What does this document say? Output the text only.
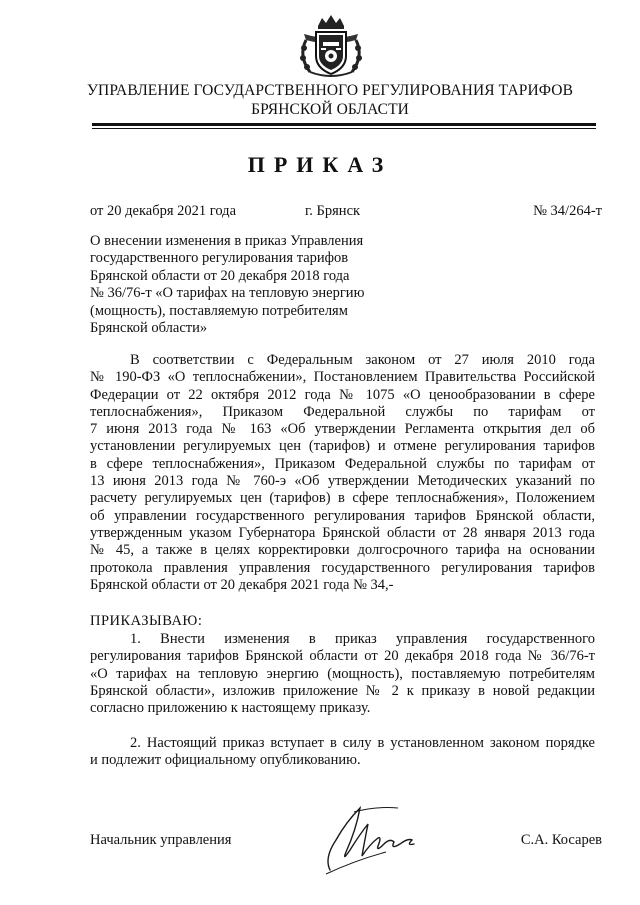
УПРАВЛЕНИЕ ГОСУДАРСТВЕННОГО РЕГУЛИРОВАНИЯ ТАРИФОВ
БРЯНСКОЙ ОБЛАСТИ
ПРИКАЗ
от 20 декабря 2021 года	г. Брянск	№ 34/264-т
О внесении изменения в приказ Управления
государственного регулирования тарифов
Брянской области от 20 декабря 2018 года
№ 36/76-т «О тарифах на тепловую энергию
(мощность), поставляемую потребителям
Брянской области»
В соответствии с Федеральным законом от 27 июля 2010 года
№ 190-ФЗ «О теплоснабжении», Постановлением Правительства Российской
Федерации от 22 октября 2012 года № 1075 «О ценообразовании в сфере
теплоснабжения», Приказом Федеральной службы по тарифам от
7 июня 2013 года № 163 «Об утверждении Регламента открытия дел об
установлении регулируемых цен (тарифов) и отмене регулирования тарифов
в сфере теплоснабжения», Приказом Федеральной службы по тарифам от
13 июня 2013 года № 760-э «Об утверждении Методических указаний по
расчету регулируемых цен (тарифов) в сфере теплоснабжения», Положением
об управлении государственного регулирования тарифов Брянской области,
утвержденным указом Губернатора Брянской области от 28 января 2013 года
№ 45, а также в целях корректировки долгосрочного тарифа на основании
протокола правления управления государственного регулирования тарифов
Брянской области от 20 декабря 2021 года № 34,-
ПРИКАЗЫВАЮ:
1. Внести изменения в приказ управления государственного
регулирования тарифов Брянской области от 20 декабря 2018 года № 36/76-т
«О тарифах на тепловую энергию (мощность), поставляемую потребителям
Брянской области», изложив приложение № 2 к приказу в новой редакции
согласно приложению к настоящему приказу.
2. Настоящий приказ вступает в силу в установленном законом порядке
и подлежит официальному опубликованию.
Начальник управления	С.А. Косарев
